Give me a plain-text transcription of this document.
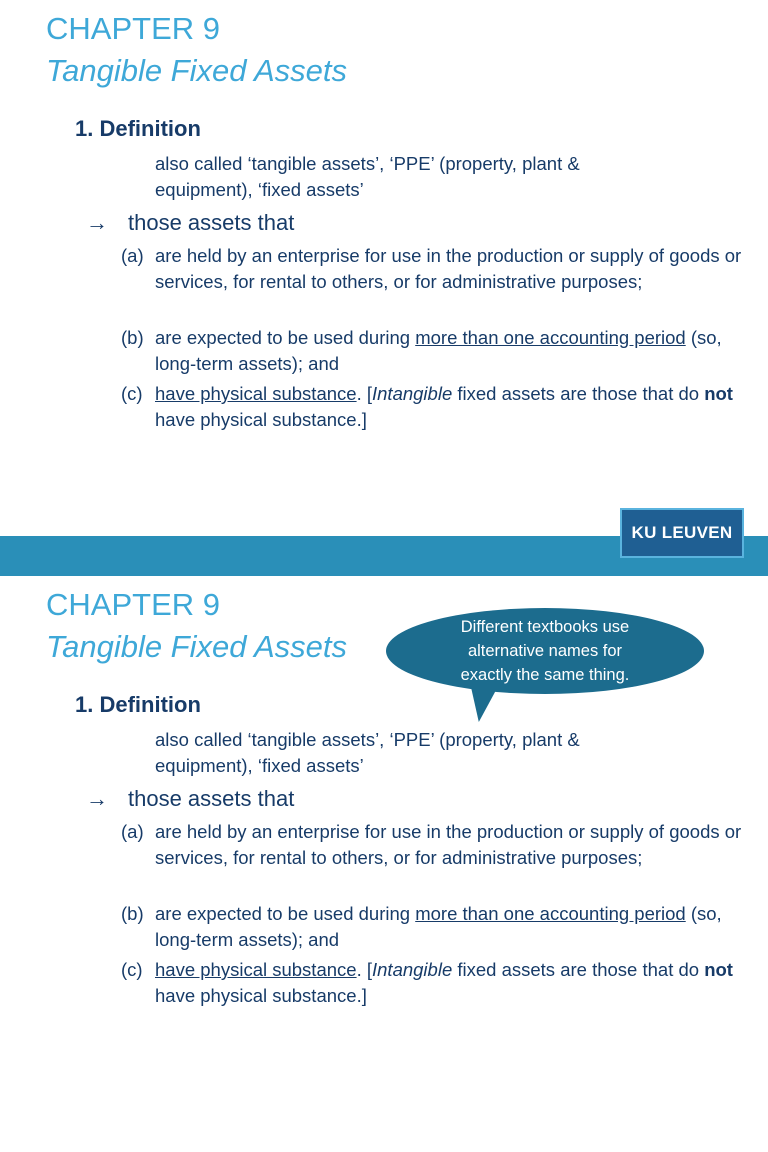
CHAPTER 9
Tangible Fixed Assets
1. Definition

also called ‘tangible assets’, ‘PPE’ (property, plant &
equipment), ‘fixed assets’

→ those assets that

(a) are held by an enterprise for use in the production or supply of goods or services, for rental to others, or for administrative purposes;

(b) are expected to be used during more than one accounting period (so, long-term assets); and

(c) have physical substance. [Intangible fixed assets are those that do not have physical substance.]

KU LEUVEN
CHAPTER 9
Tangible Fixed Assets
Different textbooks use
alternative names for
exactly the same thing.
1. Definition

also called ‘tangible assets’, ‘PPE’ (property, plant &
equipment), ‘fixed assets’

→ those assets that

(a) are held by an enterprise for use in the production or supply of goods or services, for rental to others, or for administrative purposes;

(b) are expected to be used during more than one accounting period (so, long-term assets); and

(c) have physical substance. [Intangible fixed assets are those that do not have physical substance.]
